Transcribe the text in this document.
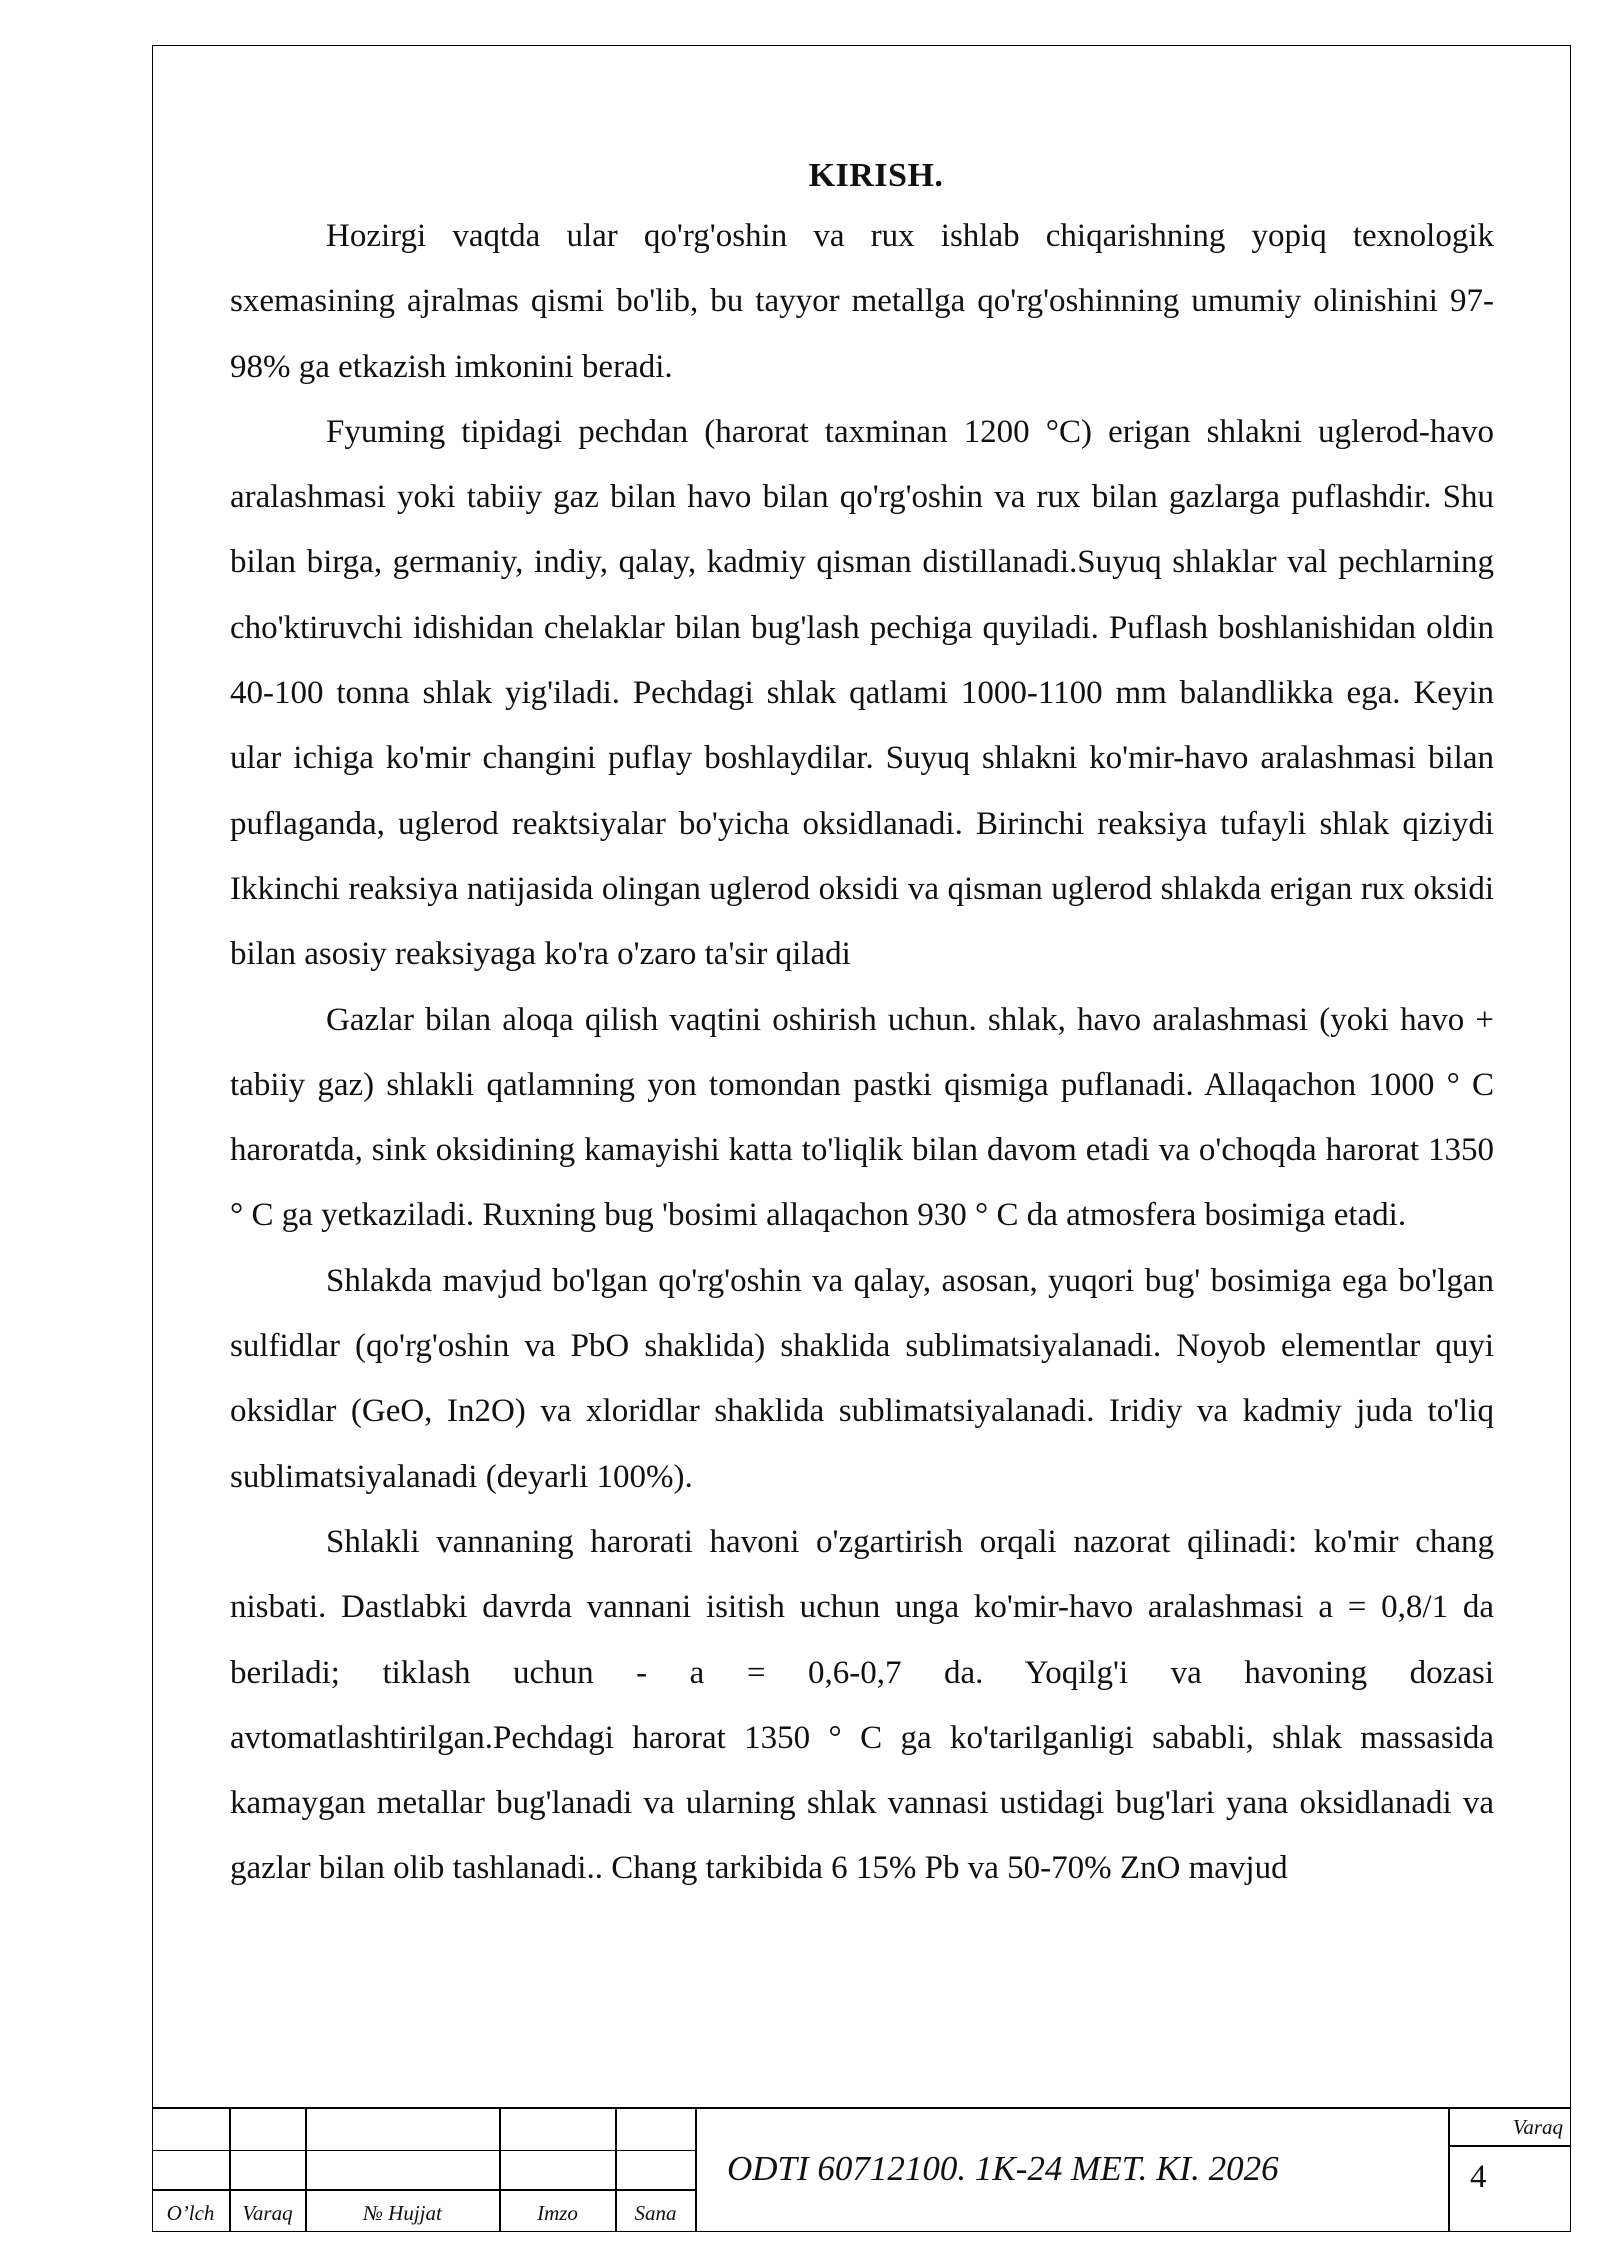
KIRISH.

Hozirgi vaqtda ular qo'rg'oshin va rux ishlab chiqarishning yopiq texnologik sxemasining ajralmas qismi bo'lib, bu tayyor metallga qo'rg'oshinning umumiy olinishini 97-98% ga etkazish imkonini beradi.

Fyuming tipidagi pechdan (harorat taxminan 1200 °C) erigan shlakni uglerod-havo aralashmasi yoki tabiiy gaz bilan havo bilan qo'rg'oshin va rux bilan gazlarga puflashdir. Shu bilan birga, germaniy, indiy, qalay, kadmiy qisman distillanadi.Suyuq shlaklar val pechlarning cho'ktiruvchi idishidan chelaklar bilan bug'lash pechiga quyiladi. Puflash boshlanishidan oldin 40-100 tonna shlak yig'iladi. Pechdagi shlak qatlami 1000-1100 mm balandlikka ega. Keyin ular ichiga ko'mir changini puflay boshlaydilar. Suyuq shlakni ko'mir-havo aralashmasi bilan puflaganda, uglerod reaktsiyalar bo'yicha oksidlanadi. Birinchi reaksiya tufayli shlak qiziydi Ikkinchi reaksiya natijasida olingan uglerod oksidi va qisman uglerod shlakda erigan rux oksidi bilan asosiy reaksiyaga ko'ra o'zaro ta'sir qiladi

Gazlar bilan aloqa qilish vaqtini oshirish uchun. shlak, havo aralashmasi (yoki havo + tabiiy gaz) shlakli qatlamning yon tomondan pastki qismiga puflanadi. Allaqachon 1000 ° C haroratda, sink oksidining kamayishi katta to'liqlik bilan davom etadi va o'choqda harorat 1350 ° C ga yetkaziladi. Ruxning bug 'bosimi allaqachon 930 ° C da atmosfera bosimiga etadi.

Shlakda mavjud bo'lgan qo'rg'oshin va qalay, asosan, yuqori bug' bosimiga ega bo'lgan sulfidlar (qo'rg'oshin va PbO shaklida) shaklida sublimatsiyalanadi. Noyob elementlar quyi oksidlar (GeO, In2O) va xloridlar shaklida sublimatsiyalanadi. Iridiy va kadmiy juda to'liq sublimatsiyalanadi (deyarli 100%).

Shlakli vannaning harorati havoni o'zgartirish orqali nazorat qilinadi: ko'mir chang nisbati. Dastlabki davrda vannani isitish uchun unga ko'mir-havo aralashmasi a = 0,8/1 da beriladi; tiklash uchun - a = 0,6-0,7 da. Yoqilg'i va havoning dozasi avtomatlashtirilgan.Pechdagi harorat 1350 ° C ga ko'tarilganligi sababli, shlak massasida kamaygan metallar bug'lanadi va ularning shlak vannasi ustidagi bug'lari yana oksidlanadi va gazlar bilan olib tashlanadi.. Chang tarkibida 6 15% Pb va 50-70% ZnO mavjud

O’lch	Varaq	№ Hujjat	Imzo	Sana
ODTI 60712100. 1K-24 MET. KI. 2026
Varaq
4
